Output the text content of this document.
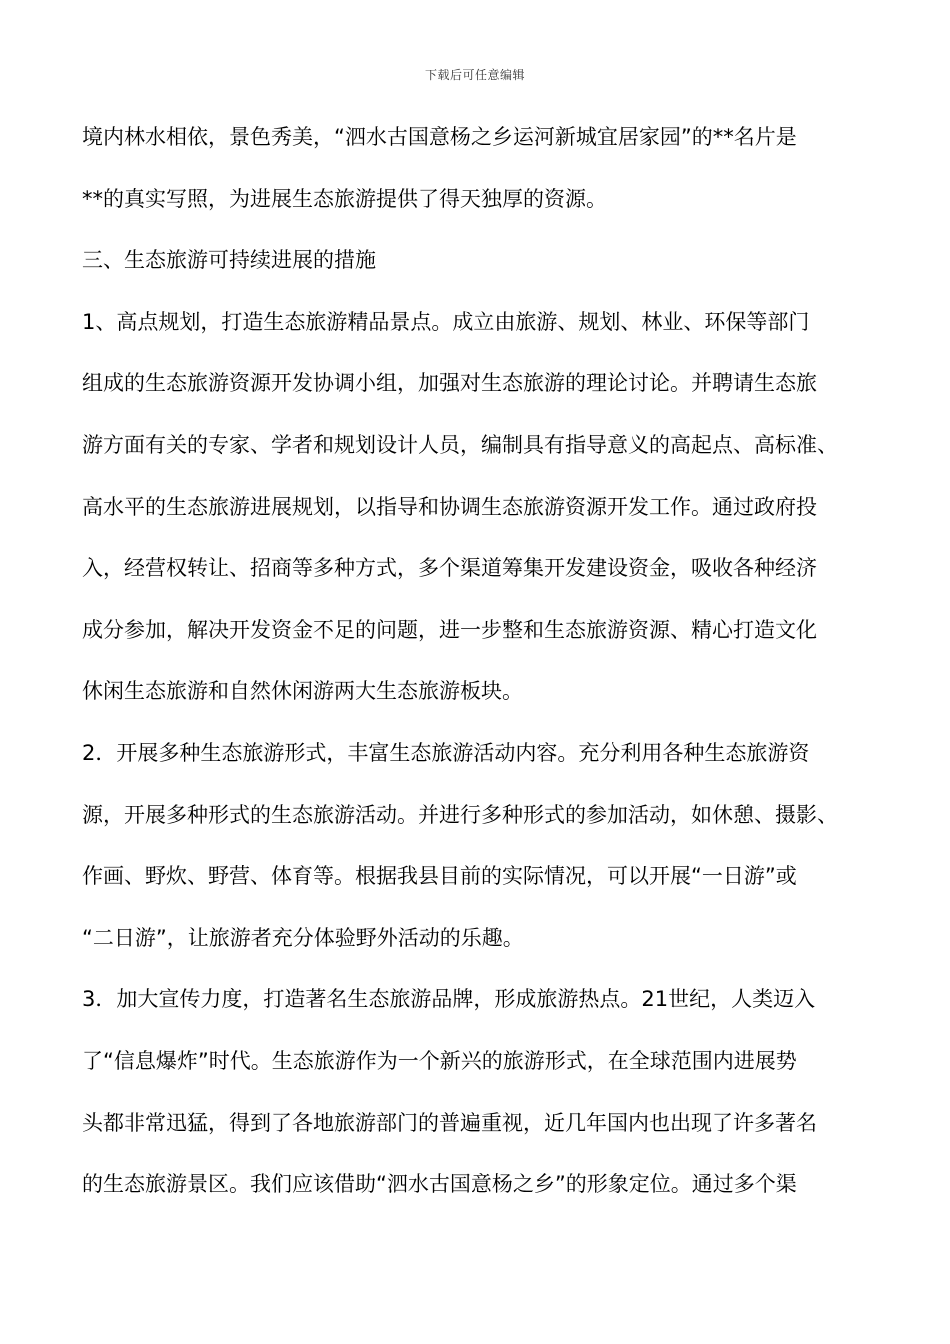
下载后可任意编辑
境内林水相依，景色秀美，“泗水古国意杨之乡运河新城宜居家园”的**名片是
**的真实写照，为进展生态旅游提供了得天独厚的资源。
三、生态旅游可持续进展的措施
1、高点规划，打造生态旅游精品景点。成立由旅游、规划、林业、环保等部门
组成的生态旅游资源开发协调小组，加强对生态旅游的理论讨论。并聘请生态旅
游方面有关的专家、学者和规划设计人员，编制具有指导意义的高起点、高标准、
高水平的生态旅游进展规划，以指导和协调生态旅游资源开发工作。通过政府投
入，经营权转让、招商等多种方式，多个渠道筹集开发建设资金，吸收各种经济
成分参加，解决开发资金不足的问题，进一步整和生态旅游资源、精心打造文化
休闲生态旅游和自然休闲游两大生态旅游板块。
2．开展多种生态旅游形式，丰富生态旅游活动内容。充分利用各种生态旅游资
源，开展多种形式的生态旅游活动。并进行多种形式的参加活动，如休憩、摄影、
作画、野炊、野营、体育等。根据我县目前的实际情况，可以开展“一日游”或
“二日游”，让旅游者充分体验野外活动的乐趣。
3．加大宣传力度，打造著名生态旅游品牌，形成旅游热点。21世纪，人类迈入
了“信息爆炸”时代。生态旅游作为一个新兴的旅游形式，在全球范围内进展势
头都非常迅猛，得到了各地旅游部门的普遍重视，近几年国内也出现了许多著名
的生态旅游景区。我们应该借助“泗水古国意杨之乡”的形象定位。通过多个渠
